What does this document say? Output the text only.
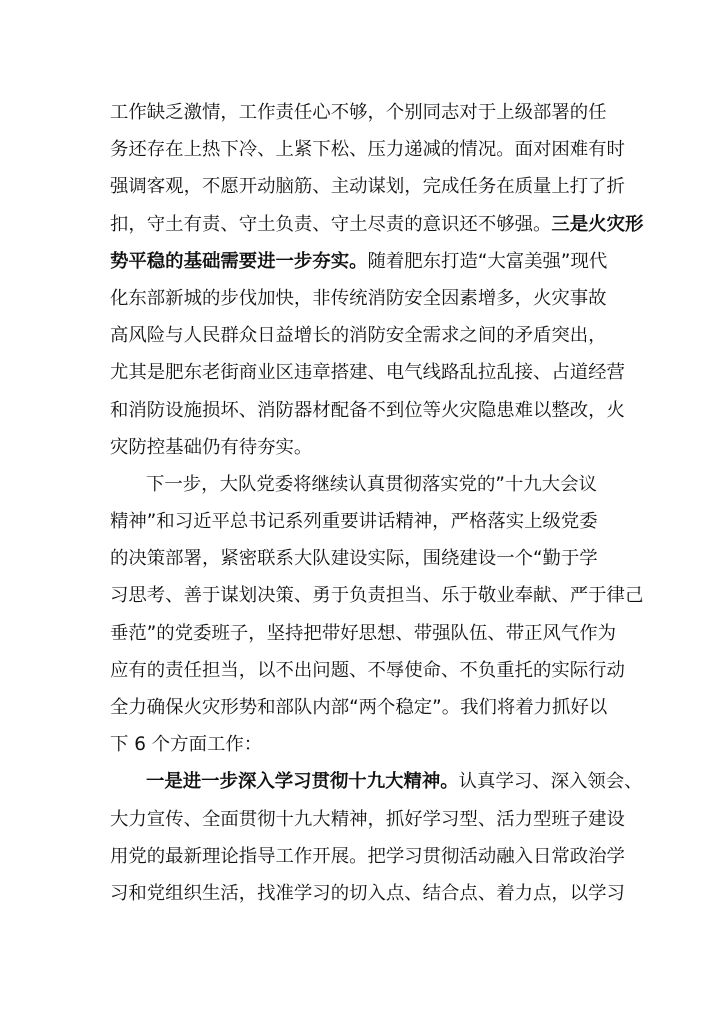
工作缺乏激情，工作责任心不够，个别同志对于上级部署的任
务还存在上热下冷、上紧下松、压力递减的情况。面对困难有时
强调客观，不愿开动脑筋、主动谋划，完成任务在质量上打了折
扣，守土有责、守土负责、守土尽责的意识还不够强。三是火灾形
势平稳的基础需要进一步夯实。随着肥东打造“大富美强”现代
化东部新城的步伐加快，非传统消防安全因素增多，火灾事故
高风险与人民群众日益增长的消防安全需求之间的矛盾突出，
尤其是肥东老街商业区违章搭建、电气线路乱拉乱接、占道经营
和消防设施损坏、消防器材配备不到位等火灾隐患难以整改，火
灾防控基础仍有待夯实。
下一步，大队党委将继续认真贯彻落实党的”十九大会议
精神”和习近平总书记系列重要讲话精神，严格落实上级党委
的决策部署，紧密联系大队建设实际，围绕建设一个“勤于学
习思考、善于谋划决策、勇于负责担当、乐于敬业奉献、严于律己
垂范”的党委班子，坚持把带好思想、带强队伍、带正风气作为
应有的责任担当，以不出问题、不辱使命、不负重托的实际行动
全力确保火灾形势和部队内部“两个稳定”。我们将着力抓好以
下 6 个方面工作：
一是进一步深入学习贯彻十九大精神。认真学习、深入领会、
大力宣传、全面贯彻十九大精神，抓好学习型、活力型班子建设
用党的最新理论指导工作开展。把学习贯彻活动融入日常政治学
习和党组织生活，找准学习的切入点、结合点、着力点，以学习
